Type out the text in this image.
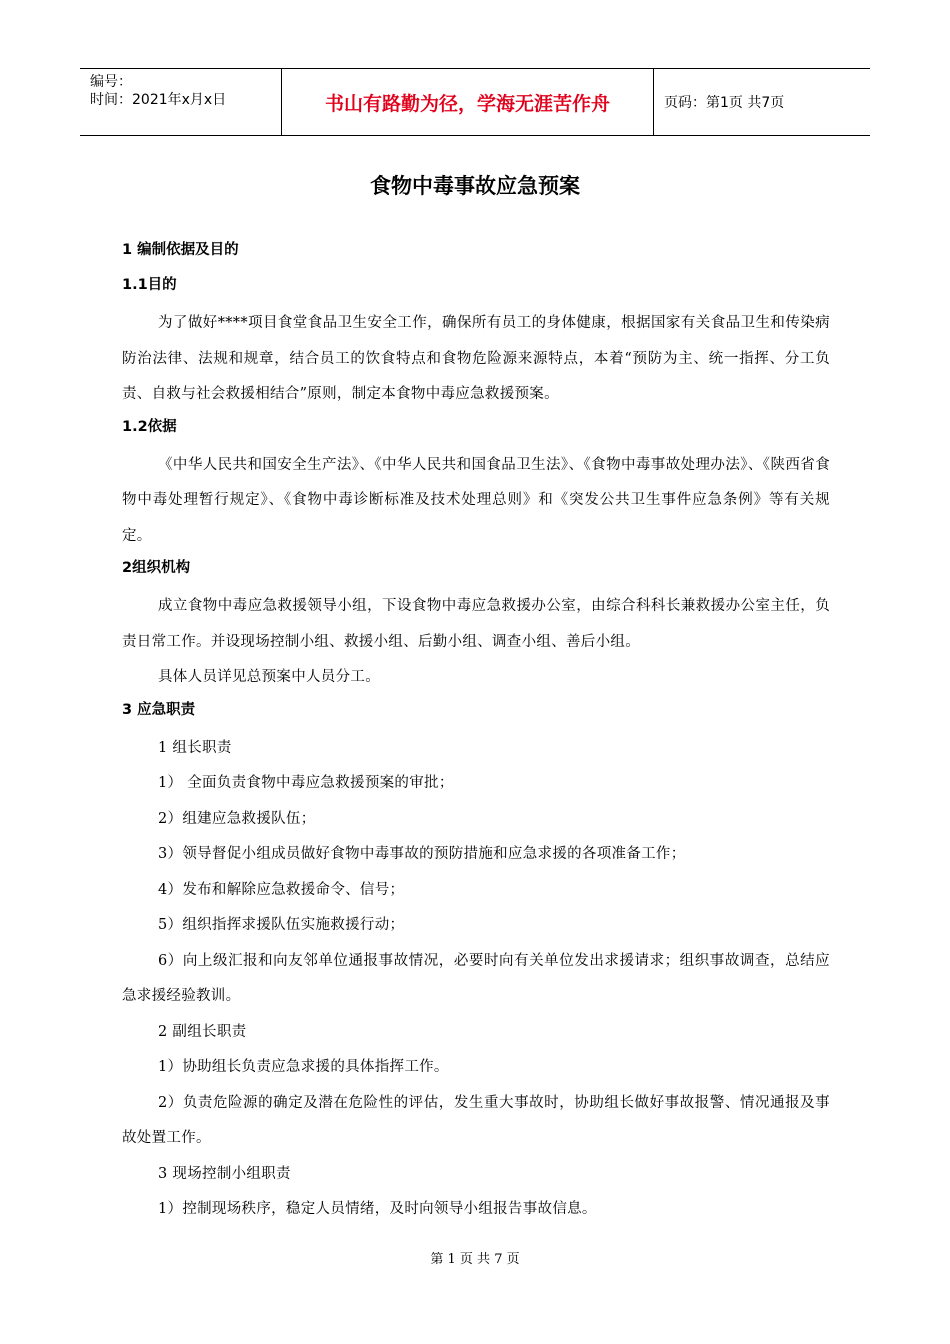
编号：
时间：2021年x月x日	书山有路勤为径，学海无涯苦作舟	页码：第1页 共7页
食物中毒事故应急预案
1 编制依据及目的
1.1目的
为了做好****项目食堂食品卫生安全工作，确保所有员工的身体健康，根据国家有关食品卫生和传染病防治法律、法规和规章，结合员工的饮食特点和食物危险源来源特点，本着“预防为主、统一指挥、分工负责、自救与社会救援相结合”原则，制定本食物中毒应急救援预案。
1.2依据
《中华人民共和国安全生产法》、《中华人民共和国食品卫生法》、《食物中毒事故处理办法》、《陕西省食物中毒处理暂行规定》、《食物中毒诊断标准及技术处理总则》和《突发公共卫生事件应急条例》等有关规定。
2组织机构
成立食物中毒应急救援领导小组，下设食物中毒应急救援办公室，由综合科科长兼救援办公室主任，负责日常工作。并设现场控制小组、救援小组、后勤小组、调查小组、善后小组。
具体人员详见总预案中人员分工。
3 应急职责
1 组长职责
1） 全面负责食物中毒应急救援预案的审批；
2）组建应急救援队伍；
3）领导督促小组成员做好食物中毒事故的预防措施和应急求援的各项准备工作；
4）发布和解除应急救援命令、信号；
5）组织指挥求援队伍实施救援行动；
6）向上级汇报和向友邻单位通报事故情况，必要时向有关单位发出求援请求；组织事故调查，总结应急求援经验教训。
2 副组长职责
1）协助组长负责应急求援的具体指挥工作。
2）负责危险源的确定及潜在危险性的评估，发生重大事故时，协助组长做好事故报警、情况通报及事故处置工作。
3 现场控制小组职责
1）控制现场秩序，稳定人员情绪，及时向领导小组报告事故信息。
第 1 页 共 7 页
